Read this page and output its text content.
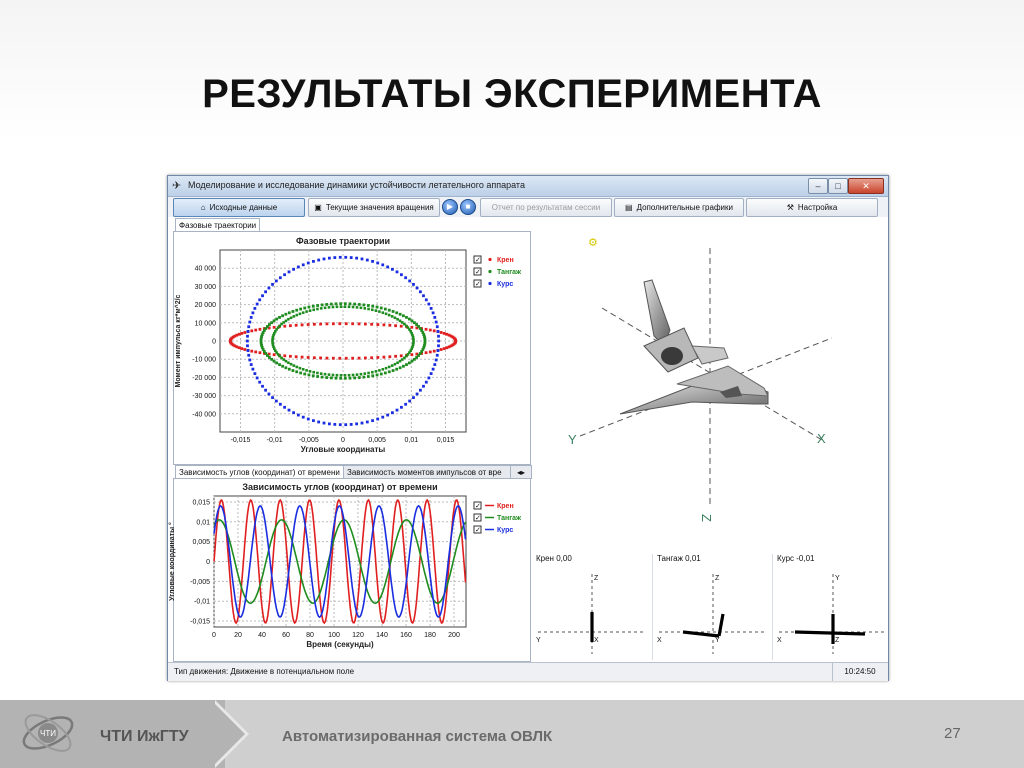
РЕЗУЛЬТАТЫ ЭКСПЕРИМЕНТА
✈ Моделирование и исследование динамики устойчивости летательного аппарата	–	□	✕
⌂ Исходные данные	▣ Текущие значения вращения	▶	■	Отчет по результатам сессии	▤ Дополнительные графики	⚒ Настройка
Фазовые траектории
Фазовые траектории
-0,015 -0,01 -0,005	0	0,005	0,01	0,015
40 000
30 000
20 000
10 000
0
-10 000
-20 000
-30 000
-40 000
Угловые координаты
Момент импульса кг*м^2/с
✓ Крен
✓ Тангаж
✓ Курс
Зависимость углов (координат) от времени Зависимость моментов импульсов от вре	◂▸
Зависимость углов (координат) от времени
0	20 40 60 80 100 120 140 160 180 200
0,015
0,01
0,005
0
-0,005
-0,01
-0,015
Время (секунды)
Угловые координаты °
✓ Крен
✓ Тангаж
✓ Курс
Y	X
Z
⚙
Тип движения: Движение в потенциальном поле	10:24:50
Крен 0,00
Z
Y	X
Тангаж 0,01
Z
X	Y
Курс -0,01
Y
X	Z
ЧТИ	ЧТИ ИжГТУ	Автоматизированная система ОВЛК	27
